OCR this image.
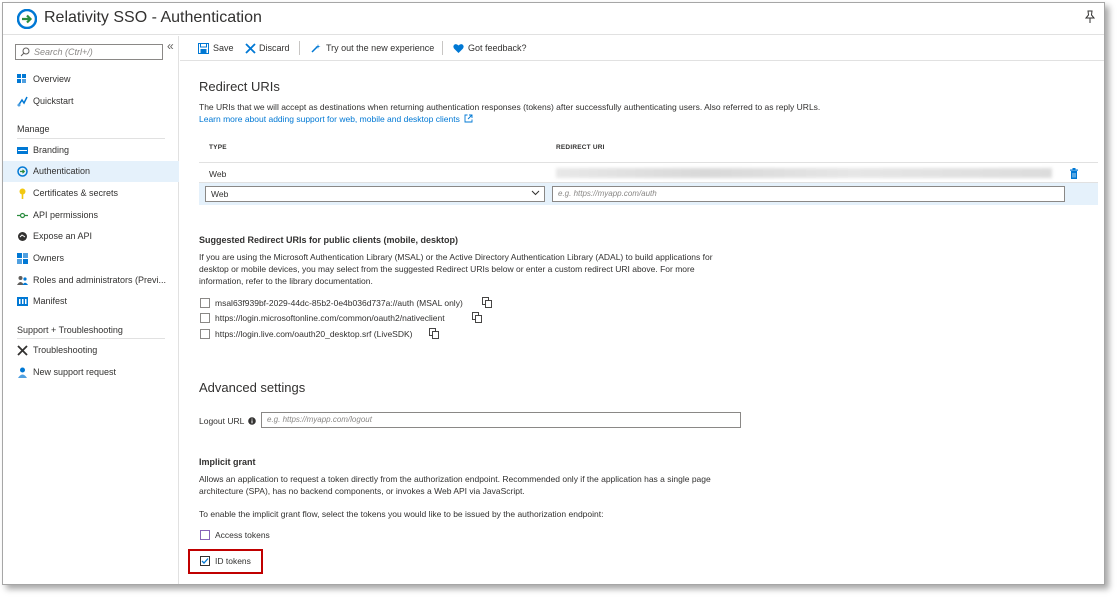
Relativity SSO - Authentication
Search (Ctrl+/)	«
Overview
Quickstart
Manage
Branding
Authentication
Certificates & secrets
API permissions
Expose an API
Owners
Roles and administrators (Previ...
Manifest
Support + Troubleshooting
Troubleshooting
New support request
Save	Discard	Try out the new experience	Got feedback?
Redirect URIs
The URIs that we will accept as destinations when returning authentication responses (tokens) after successfully authenticating users. Also referred to as reply URLs.
Learn more about adding support for web, mobile and desktop clients
TYPE	REDIRECT URI
Web
Web	e.g. https://myapp.com/auth
Suggested Redirect URIs for public clients (mobile, desktop)
If you are using the Microsoft Authentication Library (MSAL) or the Active Directory Authentication Library (ADAL) to build applications for
desktop or mobile devices, you may select from the suggested Redirect URIs below or enter a custom redirect URI above. For more
information, refer to the library documentation.
msal63f939bf-2029-44dc-85b2-0e4b036d737a://auth (MSAL only)
https://login.microsoftonline.com/common/oauth2/nativeclient
https://login.live.com/oauth20_desktop.srf (LiveSDK)
Advanced settings
Logout URL	e.g. https://myapp.com/logout
Implicit grant
Allows an application to request a token directly from the authorization endpoint. Recommended only if the application has a single page
architecture (SPA), has no backend components, or invokes a Web API via JavaScript.
To enable the implicit grant flow, select the tokens you would like to be issued by the authorization endpoint:
Access tokens
ID tokens
